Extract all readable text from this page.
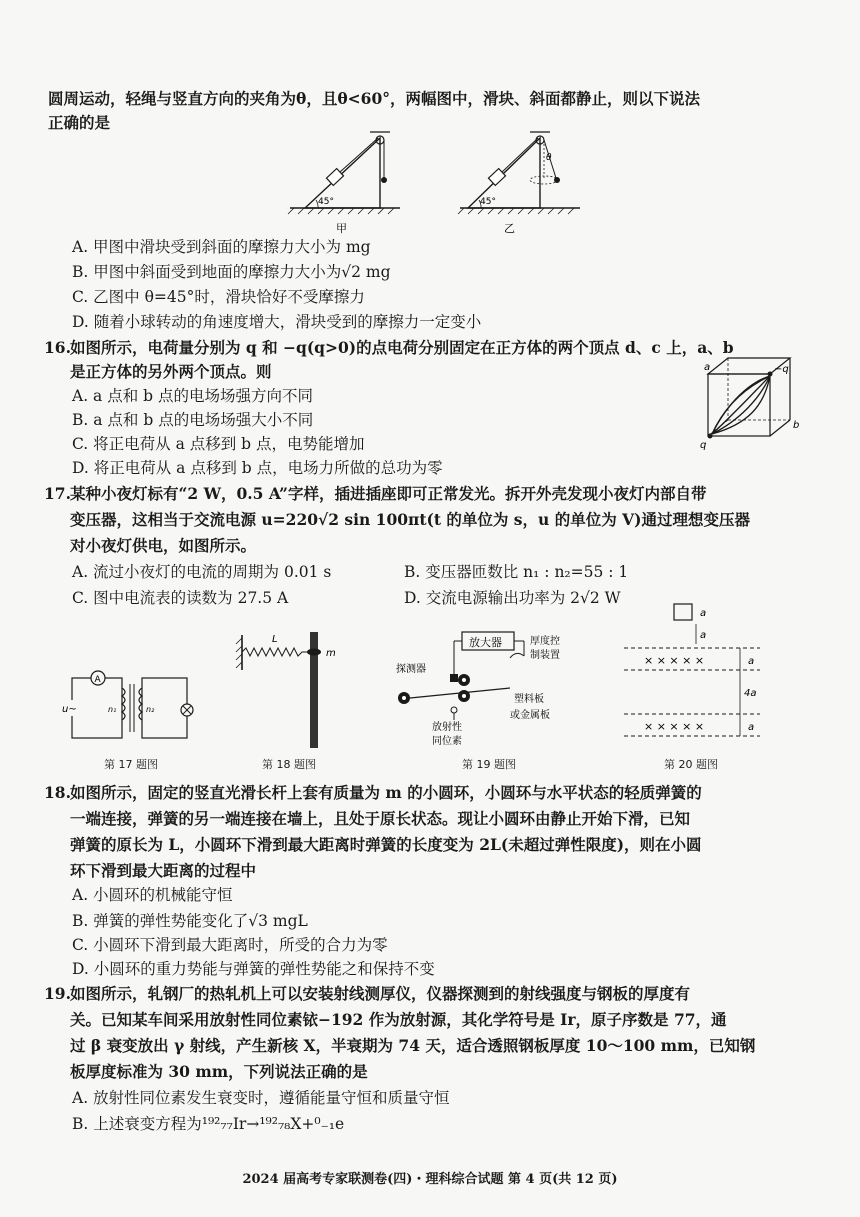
圆周运动，轻绳与竖直方向的夹角为θ，且θ<60°，两幅图中，滑块、斜面都静止，则以下说法
正确的是
45°
甲
θ
45°
乙
A. 甲图中滑块受到斜面的摩擦力大小为 mg
B. 甲图中斜面受到地面的摩擦力大小为√2 mg
C. 乙图中 θ=45°时，滑块恰好不受摩擦力
D. 随着小球转动的角速度增大，滑块受到的摩擦力一定变小
16.如图所示，电荷量分别为 q 和 −q(q>0)的点电荷分别固定在正方体的两个顶点 d、c 上，a、b
是正方体的另外两个顶点。则
A. a 点和 b 点的电场场强方向不同
B. a 点和 b 点的电场场强大小不同
C. 将正电荷从 a 点移到 b 点，电势能增加
D. 将正电荷从 a 点移到 b 点，电场力所做的总功为零
a	−q
b
q
17.某种小夜灯标有“2 W，0.5 A”字样，插进插座即可正常发光。拆开外壳发现小夜灯内部自带
变压器，这相当于交流电源 u=220√2 sin 100πt(t 的单位为 s，u 的单位为 V)通过理想变压器
对小夜灯供电，如图所示。
A. 流过小夜灯的电流的周期为 0.01 s	B. 变压器匝数比 n₁ : n₂=55 : 1
C. 图中电流表的读数为 27.5 A	D. 交流电源输出功率为 2√2 W
A
u~	n₁	n₂
第 17 题图
L
m
第 18 题图
放大器	厚度控
制装置
探测器
放射性
同位素
塑料板
或金属板
第 19 题图
a
a
× × × × ×	a
4a
× × × × ×	a
第 20 题图
18.如图所示，固定的竖直光滑长杆上套有质量为 m 的小圆环，小圆环与水平状态的轻质弹簧的
一端连接，弹簧的另一端连接在墙上，且处于原长状态。现让小圆环由静止开始下滑，已知
弹簧的原长为 L，小圆环下滑到最大距离时弹簧的长度变为 2L(未超过弹性限度)，则在小圆
环下滑到最大距离的过程中
A. 小圆环的机械能守恒
B. 弹簧的弹性势能变化了√3 mgL
C. 小圆环下滑到最大距离时，所受的合力为零
D. 小圆环的重力势能与弹簧的弹性势能之和保持不变
19.如图所示，轧钢厂的热轧机上可以安装射线测厚仪，仪器探测到的射线强度与钢板的厚度有
关。已知某车间采用放射性同位素铱−192 作为放射源，其化学符号是 Ir，原子序数是 77，通
过 β 衰变放出 γ 射线，产生新核 X，半衰期为 74 天，适合透照钢板厚度 10～100 mm，已知钢
板厚度标准为 30 mm，下列说法正确的是
A. 放射性同位素发生衰变时，遵循能量守恒和质量守恒
B. 上述衰变方程为¹⁹²₇₇Ir→¹⁹²₇₈X+⁰₋₁e
2024 届高考专家联测卷(四)・理科综合试题 第 4 页(共 12 页)
